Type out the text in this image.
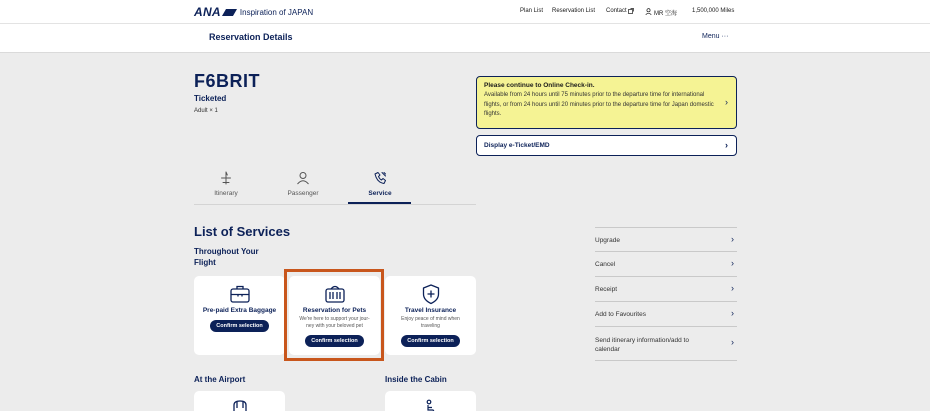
ANA Inspiration of JAPAN	Plan List Reservation List Contact	MR 空海	1,500,000 Miles
Reservation Details	Menu ···
F6BRIT
Ticketed
Adult × 1
Please continue to Online Check-in.
Available from 24 hours until 75 minutes prior to the departure time for international flights, or from 24 hours until 20 minutes prior to the departure time for Japan domestic flights.
›
Display e-Ticket/EMD	›
Itinerary	Passenger	Service
List of Services
Throughout Your
Flight
Pre-paid Extra Baggage
Confirm selection
Reservation for Pets
We're here to support your jour-
ney with your beloved pet
Confirm selection
Travel Insurance
Enjoy peace of mind when
traveling
Confirm selection
At the Airport	Inside the Cabin
Upgrade	›
Cancel	›
Receipt	›
Add to Favourites	›
Send itinerary information/add to
calendar
›
